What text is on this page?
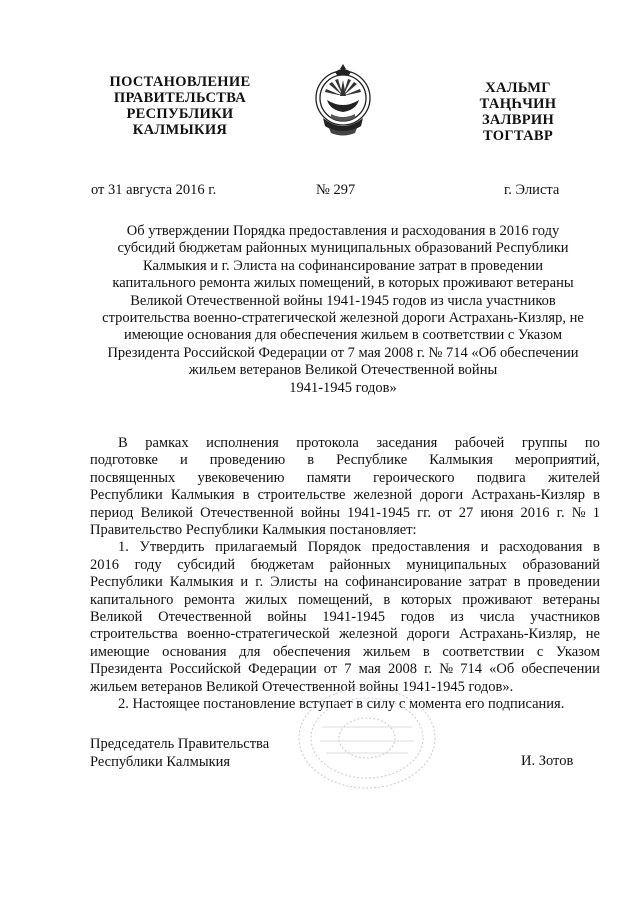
ПОСТАНОВЛЕНИЕ
ПРАВИТЕЛЬСТВА
РЕСПУБЛИКИ
КАЛМЫКИЯ
ХАЛЬМГ
ТАҢҺЧИН
ЗАЛВРИН
ТОГТАВР
от 31 августа 2016 г.	№ 297	г. Элиста
Об утверждении Порядка предоставления и расходования в 2016 году
субсидий бюджетам районных муниципальных образований Республики
Калмыкия и г. Элиста на софинансирование затрат в проведении
капитального ремонта жилых помещений, в которых проживают ветераны
Великой Отечественной войны 1941-1945 годов из числа участников
строительства военно-стратегической железной дороги Астрахань-Кизляр, не
имеющие основания для обеспечения жильем в соответствии с Указом
Президента Российской Федерации от 7 мая 2008 г. № 714 «Об обеспечении
жильем ветеранов Великой Отечественной войны
1941-1945 годов»
В рамках исполнения протокола заседания рабочей группы по
подготовке и проведению в Республике Калмыкия мероприятий,
посвященных увековечению памяти героического подвига жителей
Республики Калмыкия в строительстве железной дороги Астрахань-Кизляр в
период Великой Отечественной войны 1941-1945 гг. от 27 июня 2016 г. № 1
Правительство Республики Калмыкия постановляет:
1. Утвердить прилагаемый Порядок предоставления и расходования в
2016 году субсидий бюджетам районных муниципальных образований
Республики Калмыкия и г. Элисты на софинансирование затрат в проведении
капитального ремонта жилых помещений, в которых проживают ветераны
Великой Отечественной войны 1941-1945 годов из числа участников
строительства военно-стратегической железной дороги Астрахань-Кизляр, не
имеющие основания для обеспечения жильем в соответствии с Указом
Президента Российской Федерации от 7 мая 2008 г. № 714 «Об обеспечении
жильем ветеранов Великой Отечественной войны 1941-1945 годов».
2. Настоящее постановление вступает в силу с момента его подписания.
Председатель Правительства
Республики Калмыкия	И. Зотов
